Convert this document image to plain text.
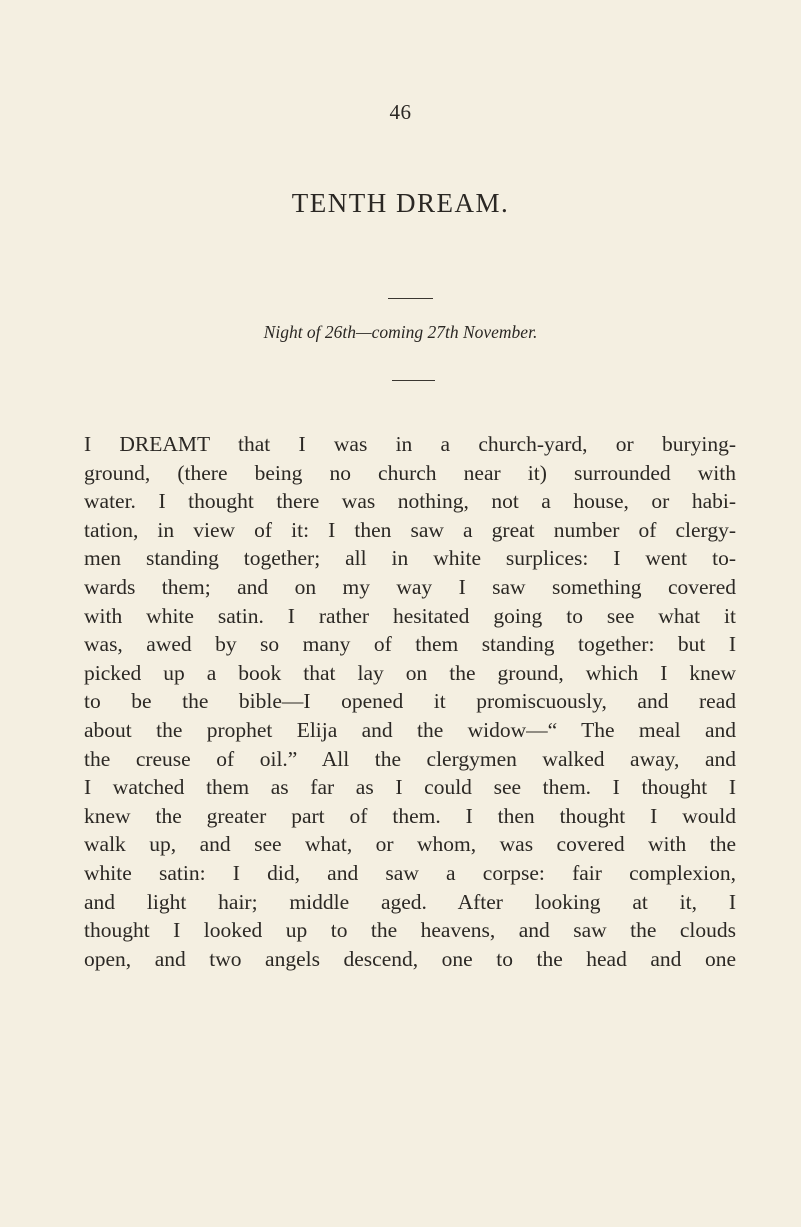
46
TENTH DREAM.
Night of 26th—coming 27th November.
I DREAMT that I was in a church-yard, or burying-
ground, (there being no church near it) surrounded with
water. I thought there was nothing, not a house, or habi-
tation, in view of it: I then saw a great number of clergy-
men standing together; all in white surplices: I went to-
wards them; and on my way I saw something covered
with white satin. I rather hesitated going to see what it
was, awed by so many of them standing together: but I
picked up a book that lay on the ground, which I knew
to be the bible—I opened it promiscuously, and read
about the prophet Elija and the widow—“ The meal and
the creuse of oil.” All the clergymen walked away, and
I watched them as far as I could see them. I thought I
knew the greater part of them. I then thought I would
walk up, and see what, or whom, was covered with the
white satin: I did, and saw a corpse: fair complexion,
and light hair; middle aged. After looking at it, I
thought I looked up to the heavens, and saw the clouds
open, and two angels descend, one to the head and one
